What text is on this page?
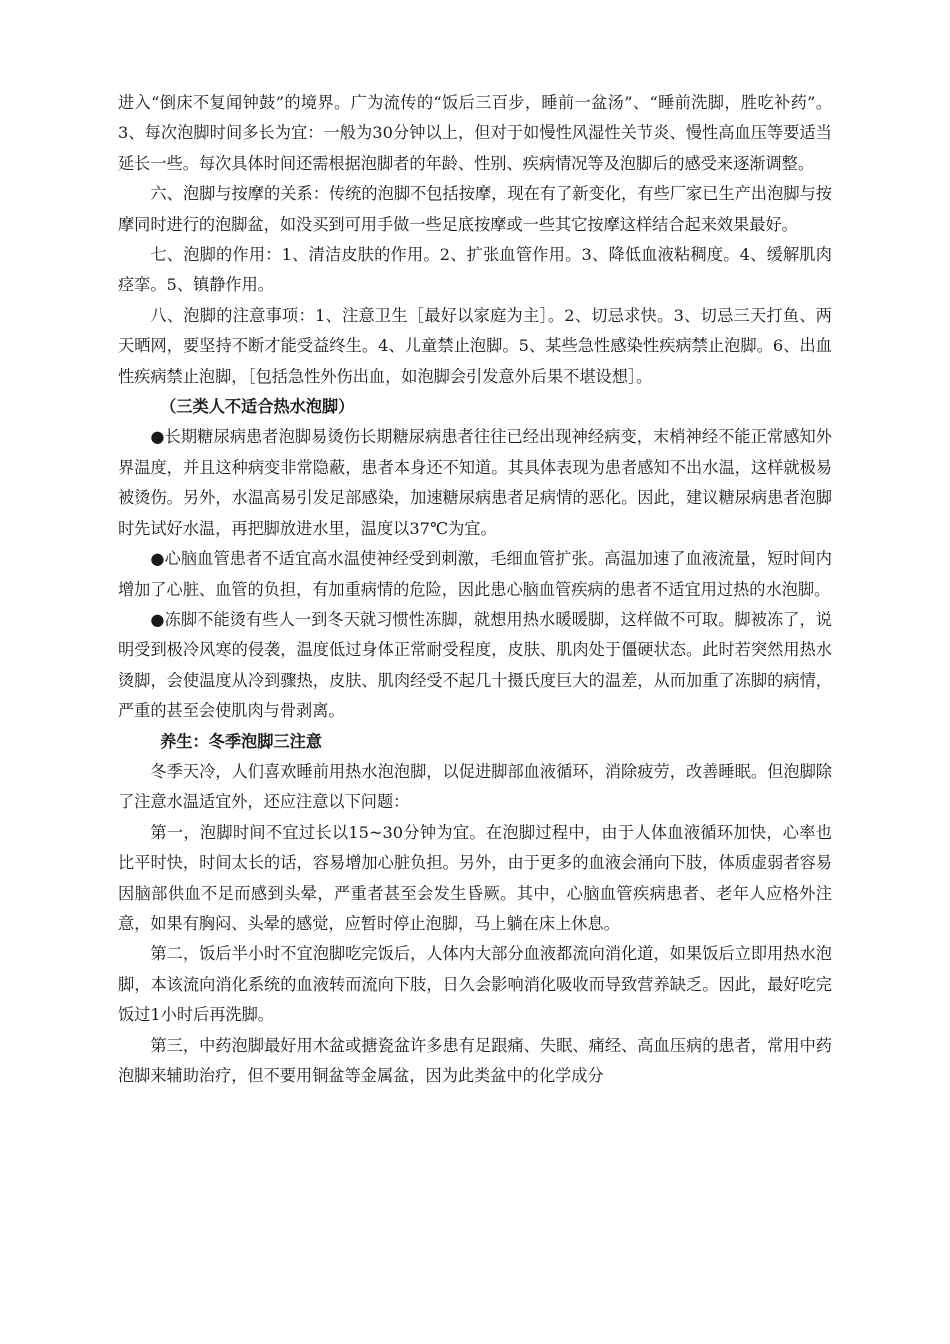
进入“倒床不复闻钟鼓”的境界。广为流传的“饭后三百步，睡前一盆汤”、“睡前洗脚，胜吃补药”。3、每次泡脚时间多长为宜：一般为30分钟以上，但对于如慢性风湿性关节炎、慢性高血压等要适当延长一些。每次具体时间还需根据泡脚者的年龄、性别、疾病情况等及泡脚后的感受来逐渐调整。

六、泡脚与按摩的关系：传统的泡脚不包括按摩，现在有了新变化，有些厂家已生产出泡脚与按摩同时进行的泡脚盆，如没买到可用手做一些足底按摩或一些其它按摩这样结合起来效果最好。

七、泡脚的作用：1、清洁皮肤的作用。2、扩张血管作用。3、降低血液粘稠度。4、缓解肌肉痉挛。5、镇静作用。

八、泡脚的注意事项：1、注意卫生［最好以家庭为主］。2、切忌求快。3、切忌三天打鱼、两天晒网，要坚持不断才能受益终生。4、儿童禁止泡脚。5、某些急性感染性疾病禁止泡脚。6、出血性疾病禁止泡脚，［包括急性外伤出血，如泡脚会引发意外后果不堪设想］。

（三类人不适合热水泡脚）

●长期糖尿病患者泡脚易烫伤长期糖尿病患者往往已经出现神经病变，末梢神经不能正常感知外界温度，并且这种病变非常隐蔽，患者本身还不知道。其具体表现为患者感知不出水温，这样就极易被烫伤。另外，水温高易引发足部感染，加速糖尿病患者足病情的恶化。因此，建议糖尿病患者泡脚时先试好水温，再把脚放进水里，温度以37℃为宜。

●心脑血管患者不适宜高水温使神经受到刺激，毛细血管扩张。高温加速了血液流量，短时间内增加了心脏、血管的负担，有加重病情的危险，因此患心脑血管疾病的患者不适宜用过热的水泡脚。

●冻脚不能烫有些人一到冬天就习惯性冻脚，就想用热水暖暖脚，这样做不可取。脚被冻了，说明受到极冷风寒的侵袭，温度低过身体正常耐受程度，皮肤、肌肉处于僵硬状态。此时若突然用热水烫脚，会使温度从冷到骤热，皮肤、肌肉经受不起几十摄氏度巨大的温差，从而加重了冻脚的病情，严重的甚至会使肌肉与骨剥离。

养生：冬季泡脚三注意

冬季天冷，人们喜欢睡前用热水泡泡脚，以促进脚部血液循环，消除疲劳，改善睡眠。但泡脚除了注意水温适宜外，还应注意以下问题：

第一，泡脚时间不宜过长以15~30分钟为宜。在泡脚过程中，由于人体血液循环加快，心率也比平时快，时间太长的话，容易增加心脏负担。另外，由于更多的血液会涌向下肢，体质虚弱者容易因脑部供血不足而感到头晕，严重者甚至会发生昏厥。其中，心脑血管疾病患者、老年人应格外注意，如果有胸闷、头晕的感觉，应暂时停止泡脚，马上躺在床上休息。

第二，饭后半小时不宜泡脚吃完饭后，人体内大部分血液都流向消化道，如果饭后立即用热水泡脚，本该流向消化系统的血液转而流向下肢，日久会影响消化吸收而导致营养缺乏。因此，最好吃完饭过1小时后再洗脚。

第三，中药泡脚最好用木盆或搪瓷盆许多患有足跟痛、失眠、痛经、高血压病的患者，常用中药泡脚来辅助治疗，但不要用铜盆等金属盆，因为此类盆中的化学成分
